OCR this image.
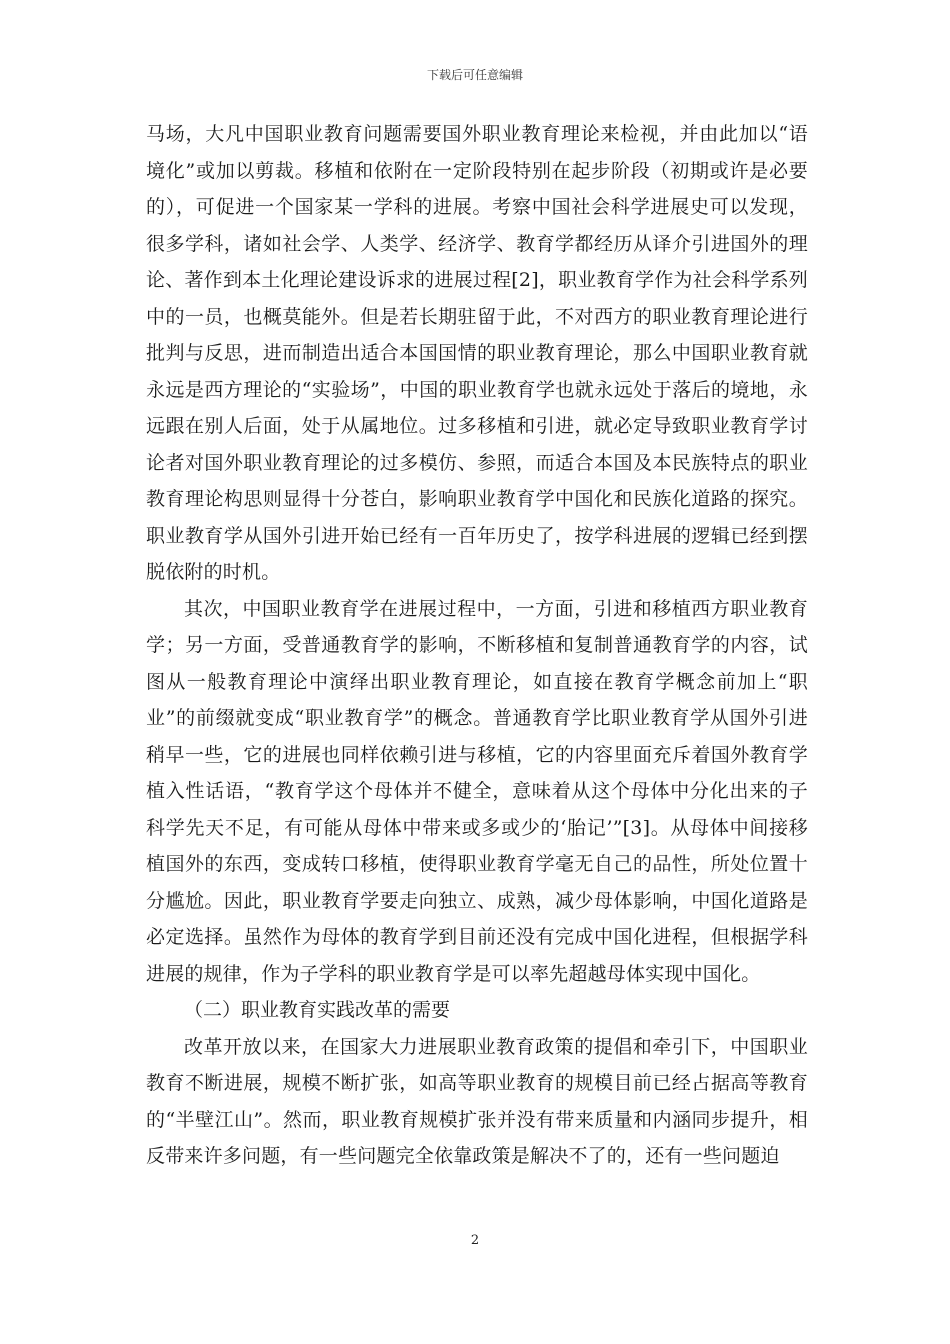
下载后可任意编辑

马场，大凡中国职业教育问题需要国外职业教育理论来检视，并由此加以“语境化”或加以剪裁。移植和依附在一定阶段特别在起步阶段（初期或许是必要的），可促进一个国家某一学科的进展。考察中国社会科学进展史可以发现，很多学科，诸如社会学、人类学、经济学、教育学都经历从译介引进国外的理论、著作到本土化理论建设诉求的进展过程[2]，职业教育学作为社会科学系列中的一员，也概莫能外。但是若长期驻留于此，不对西方的职业教育理论进行批判与反思，进而制造出适合本国国情的职业教育理论，那么中国职业教育就永远是西方理论的“实验场”，中国的职业教育学也就永远处于落后的境地，永远跟在别人后面，处于从属地位。过多移植和引进，就必定导致职业教育学讨论者对国外职业教育理论的过多模仿、参照，而适合本国及本民族特点的职业教育理论构思则显得十分苍白，影响职业教育学中国化和民族化道路的探究。职业教育学从国外引进开始已经有一百年历史了，按学科进展的逻辑已经到摆脱依附的时机。

其次，中国职业教育学在进展过程中，一方面，引进和移植西方职业教育学；另一方面，受普通教育学的影响，不断移植和复制普通教育学的内容，试图从一般教育理论中演绎出职业教育理论，如直接在教育学概念前加上“职业”的前缀就变成“职业教育学”的概念。普通教育学比职业教育学从国外引进稍早一些，它的进展也同样依赖引进与移植，它的内容里面充斥着国外教育学植入性话语，“教育学这个母体并不健全，意味着从这个母体中分化出来的子科学先天不足，有可能从母体中带来或多或少的‘胎记’”[3]。从母体中间接移植国外的东西，变成转口移植，使得职业教育学毫无自己的品性，所处位置十分尴尬。因此，职业教育学要走向独立、成熟，减少母体影响，中国化道路是必定选择。虽然作为母体的教育学到目前还没有完成中国化进程，但根据学科进展的规律，作为子学科的职业教育学是可以率先超越母体实现中国化。

（二）职业教育实践改革的需要

改革开放以来，在国家大力进展职业教育政策的提倡和牵引下，中国职业教育不断进展，规模不断扩张，如高等职业教育的规模目前已经占据高等教育的“半壁江山”。然而，职业教育规模扩张并没有带来质量和内涵同步提升，相反带来许多问题，有一些问题完全依靠政策是解决不了的，还有一些问题迫

2
